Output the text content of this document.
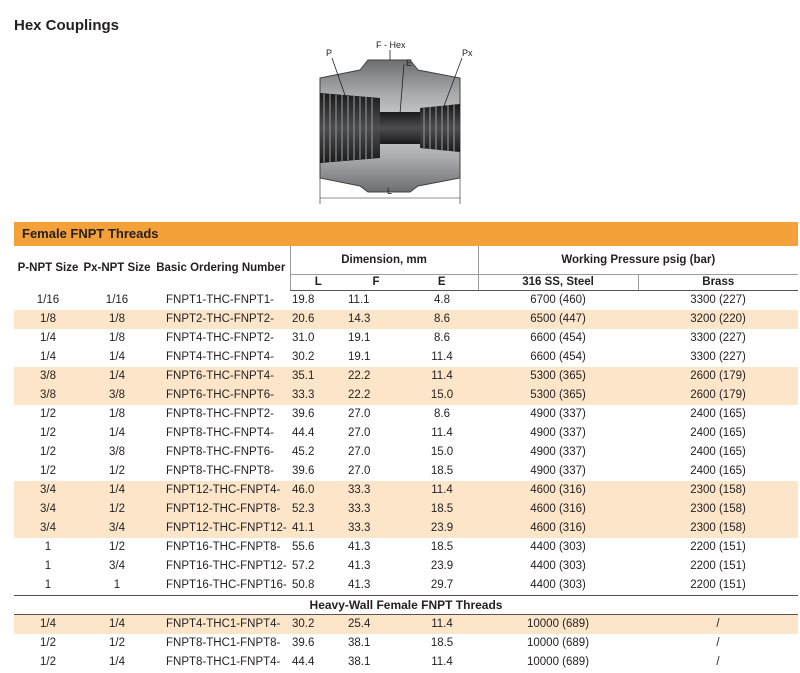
Hex Couplings
P
F - Hex
E
Px
L
Female FNPT Threads
P-NPT Size	Px-NPT Size	Basic Ordering Number	Dimension, mm			Working Pressure psig (bar)	
			L	F	E	316 SS, Steel	Brass
1/16	1/16	FNPT1-THC-FNPT1-	19.8	11.1	4.8	6700 (460)	3300 (227)
1/8	1/8	FNPT2-THC-FNPT2-	20.6	14.3	8.6	6500 (447)	3200 (220)
1/4	1/8	FNPT4-THC-FNPT2-	31.0	19.1	8.6	6600 (454)	3300 (227)
1/4	1/4	FNPT4-THC-FNPT4-	30.2	19.1	11.4	6600 (454)	3300 (227)
3/8	1/4	FNPT6-THC-FNPT4-	35.1	22.2	11.4	5300 (365)	2600 (179)
3/8	3/8	FNPT6-THC-FNPT6-	33.3	22.2	15.0	5300 (365)	2600 (179)
1/2	1/8	FNPT8-THC-FNPT2-	39.6	27.0	8.6	4900 (337)	2400 (165)
1/2	1/4	FNPT8-THC-FNPT4-	44.4	27.0	11.4	4900 (337)	2400 (165)
1/2	3/8	FNPT8-THC-FNPT6-	45.2	27.0	15.0	4900 (337)	2400 (165)
1/2	1/2	FNPT8-THC-FNPT8-	39.6	27.0	18.5	4900 (337)	2400 (165)
3/4	1/4	FNPT12-THC-FNPT4-	46.0	33.3	11.4	4600 (316)	2300 (158)
3/4	1/2	FNPT12-THC-FNPT8-	52.3	33.3	18.5	4600 (316)	2300 (158)
3/4	3/4	FNPT12-THC-FNPT12-	41.1	33.3	23.9	4600 (316)	2300 (158)
1	1/2	FNPT16-THC-FNPT8-	55.6	41.3	18.5	4400 (303)	2200 (151)
1	3/4	FNPT16-THC-FNPT12-	57.2	41.3	23.9	4400 (303)	2200 (151)
1	1	FNPT16-THC-FNPT16-	50.8	41.3	29.7	4400 (303)	2200 (151)
Heavy-Wall Female FNPT Threads							
1/4	1/4	FNPT4-THC1-FNPT4-	30.2	25.4	11.4	10000 (689)	/
1/2	1/2	FNPT8-THC1-FNPT8-	39.6	38.1	18.5	10000 (689)	/
1/2	1/4	FNPT8-THC1-FNPT4-	44.4	38.1	11.4	10000 (689)	/
